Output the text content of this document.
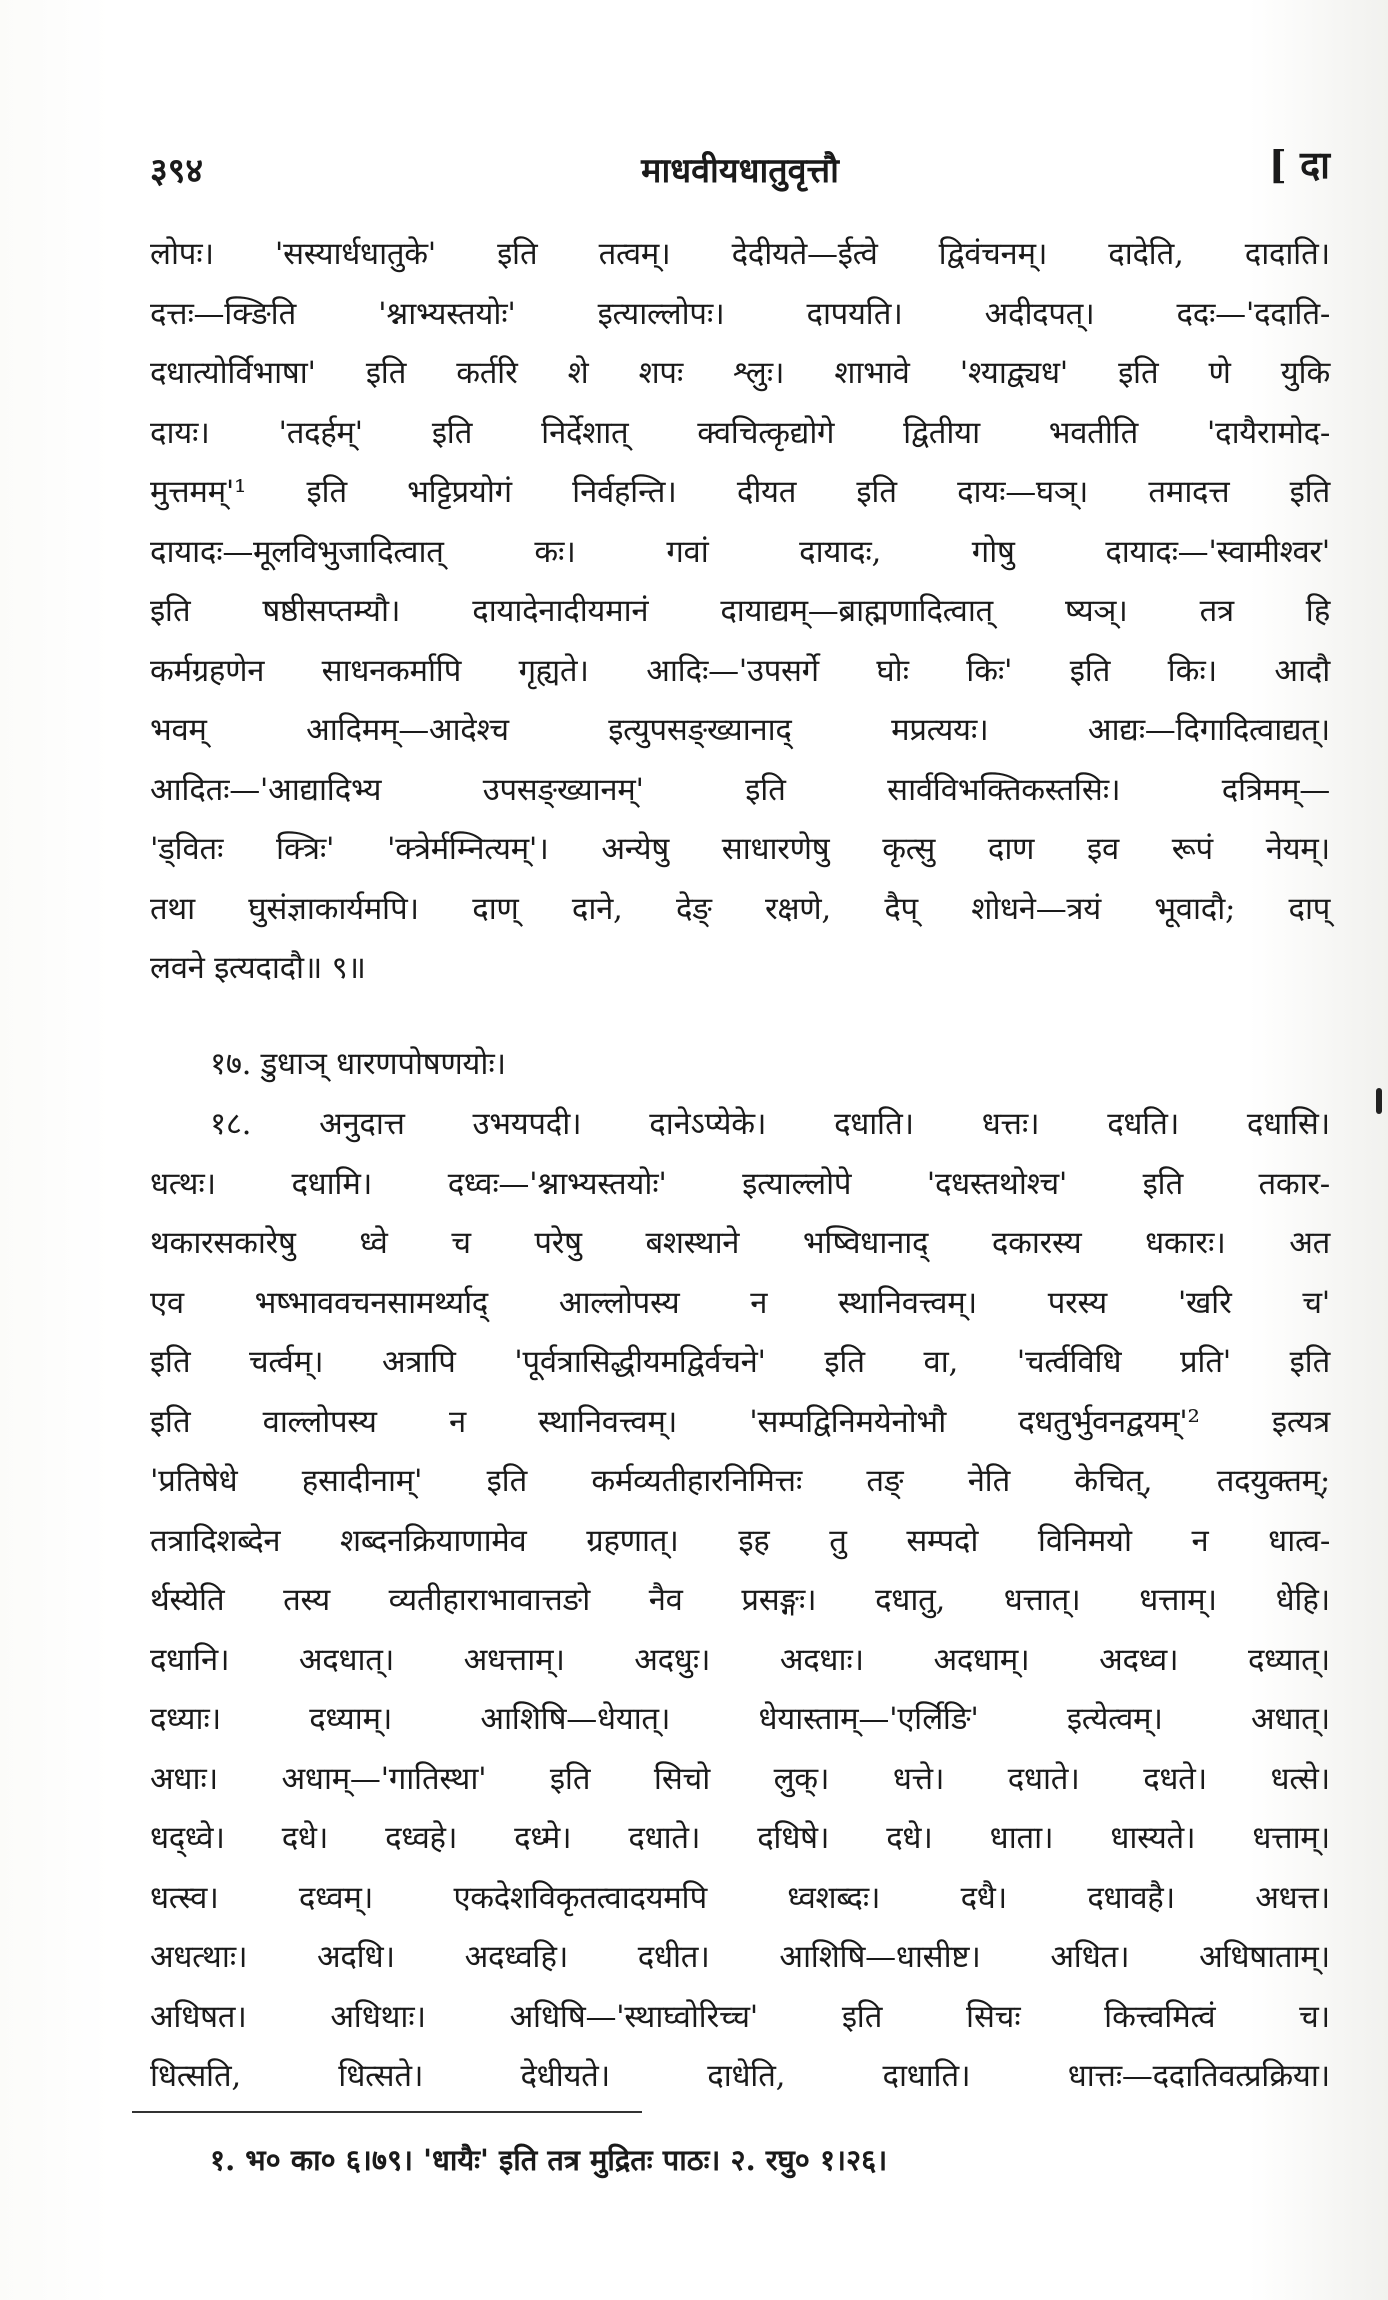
३९४	माधवीयधातुवृत्तौ	[ दा
लोपः। 'सस्यार्धधातुके' इति तत्वम्। देदीयते—ईत्वे द्विवंचनम्। दादेति, दादाति।
दत्तः—क्ङिति 'श्नाभ्यस्तयोः' इत्याल्लोपः। दापयति। अदीदपत्। ददः—'ददाति-
दधात्योर्विभाषा' इति कर्तरि शे शपः श्लुः। शाभावे 'श्याद्व्यध' इति णे युकि
दायः। 'तदर्हम्' इति निर्देशात् क्वचित्कृद्योगे द्वितीया भवतीति 'दायैरामोद-
मुत्तमम्'¹ इति भट्टिप्रयोगं निर्वहन्ति। दीयत इति दायः—घञ्। तमादत्त इति
दायादः—मूलविभुजादित्वात् कः। गवां दायादः, गोषु दायादः—'स्वामीश्वर'
इति षष्ठीसप्तम्यौ। दायादेनादीयमानं दायाद्यम्—ब्राह्मणादित्वात् ष्यञ्। तत्र हि
कर्मग्रहणेन साधनकर्मापि गृह्यते। आदिः—'उपसर्गे घोः किः' इति किः। आदौ
भवम् आदिमम्—आदेश्च इत्युपसङ्ख्यानाद् मप्रत्ययः। आद्यः—दिगादित्वाद्यत्।
आदितः—'आद्यादिभ्य उपसङ्ख्यानम्' इति सार्वविभक्तिकस्तसिः। दत्रिमम्—
'ड्वितः क्त्रिः' 'क्त्रेर्मम्नित्यम्'। अन्येषु साधारणेषु कृत्सु दाण इव रूपं नेयम्।
तथा घुसंज्ञाकार्यमपि। दाण् दाने, देङ् रक्षणे, दैप् शोधने—त्रयं भूवादौ; दाप्
लवने इत्यदादौ॥ ९॥
१७. डुधाञ् धारणपोषणयोः।
१८. अनुदात्त उभयपदी। दानेऽप्येके। दधाति। धत्तः। दधति। दधासि।
धत्थः। दधामि। दध्वः—'श्नाभ्यस्तयोः' इत्याल्लोपे 'दधस्तथोश्च' इति तकार-
थकारसकारेषु ध्वे च परेषु बशस्थाने भष्विधानाद् दकारस्य धकारः। अत
एव भष्भाववचनसामर्थ्याद् आल्लोपस्य न स्थानिवत्त्वम्। परस्य 'खरि च'
इति चर्त्वम्। अत्रापि 'पूर्वत्रासिद्धीयमद्विर्वचने' इति वा, 'चर्त्वविधि प्रति' इति
इति वाल्लोपस्य न स्थानिवत्त्वम्। 'सम्पद्विनिमयेनोभौ दधतुर्भुवनद्वयम्'² इत्यत्र
'प्रतिषेधे हसादीनाम्' इति कर्मव्यतीहारनिमित्तः तङ् नेति केचित्, तदयुक्तम्;
तत्रादिशब्देन शब्दनक्रियाणामेव ग्रहणात्। इह तु सम्पदो विनिमयो न धात्व-
र्थस्येति तस्य व्यतीहाराभावात्तङो नैव प्रसङ्गः। दधातु, धत्तात्। धत्ताम्। धेहि।
दधानि। अदधात्। अधत्ताम्। अदधुः। अदधाः। अदधाम्। अदध्व। दध्यात्।
दध्याः। दध्याम्। आशिषि—धेयात्। धेयास्ताम्—'एर्लिङि' इत्येत्वम्। अधात्।
अधाः। अधाम्—'गातिस्था' इति सिचो लुक्। धत्ते। दधाते। दधते। धत्से।
धद्ध्वे। दधे। दध्वहे। दध्मे। दधाते। दधिषे। दधे। धाता। धास्यते। धत्ताम्।
धत्स्व। दध्वम्। एकदेशविकृतत्वादयमपि ध्वशब्दः। दधै। दधावहै। अधत्त।
अधत्थाः। अदधि। अदध्वहि। दधीत। आशिषि—धासीष्ट। अधित। अधिषाताम्।
अधिषत। अधिथाः। अधिषि—'स्थाघ्वोरिच्च' इति सिचः कित्त्वमित्वं च।
धित्सति, धित्सते। देधीयते। दाधेति, दाधाति। धात्तः—ददातिवत्प्रक्रिया।
१. भ० का० ६।७९। 'धायैः' इति तत्र मुद्रितः पाठः। २. रघु० १।२६।
